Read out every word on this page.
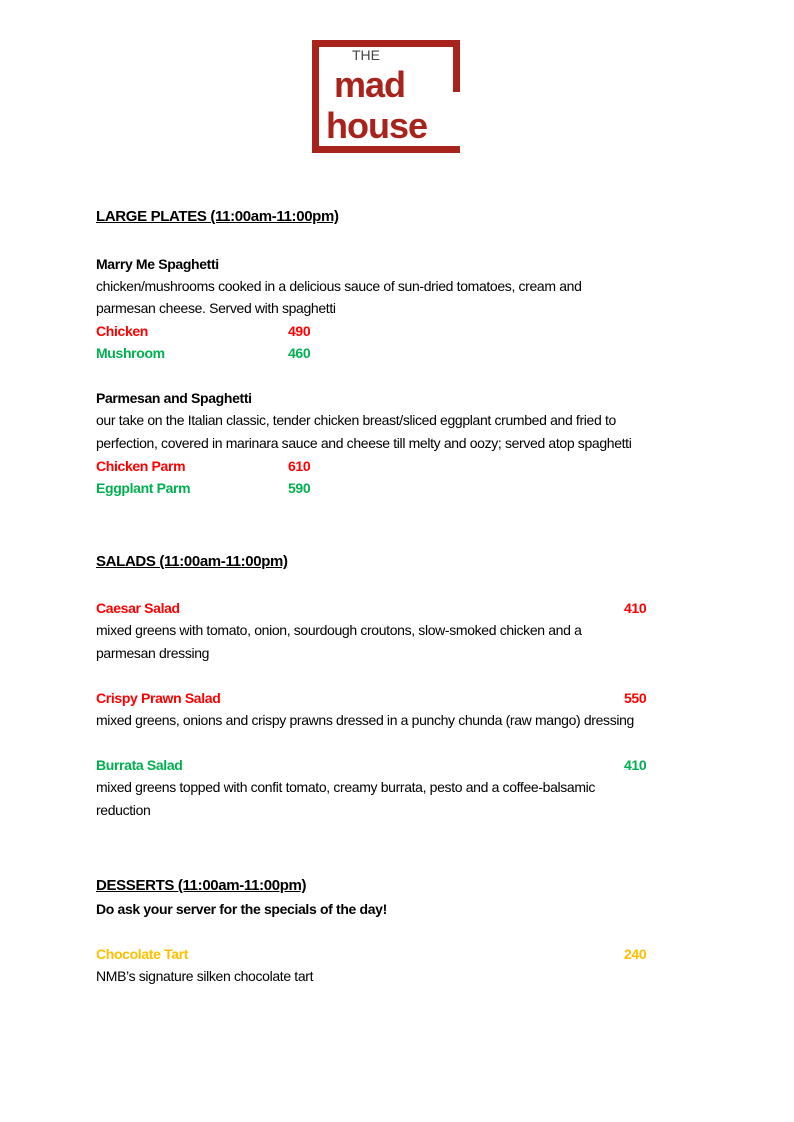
THE
mad
house
LARGE PLATES (11:00am-11:00pm)
Marry Me Spaghetti
chicken/mushrooms cooked in a delicious sauce of sun-dried tomatoes, cream and
parmesan cheese. Served with spaghetti
Chicken	490
Mushroom	460
Parmesan and Spaghetti
our take on the Italian classic, tender chicken breast/sliced eggplant crumbed and fried to
perfection, covered in marinara sauce and cheese till melty and oozy; served atop spaghetti
Chicken Parm	610
Eggplant Parm	590
SALADS (11:00am-11:00pm)
Caesar Salad	410
mixed greens with tomato, onion, sourdough croutons, slow-smoked chicken and a
parmesan dressing
Crispy Prawn Salad	550
mixed greens, onions and crispy prawns dressed in a punchy chunda (raw mango) dressing
Burrata Salad	410
mixed greens topped with confit tomato, creamy burrata, pesto and a coffee-balsamic
reduction
DESSERTS (11:00am-11:00pm)
Do ask your server for the specials of the day!
Chocolate Tart	240
NMB’s signature silken chocolate tart
